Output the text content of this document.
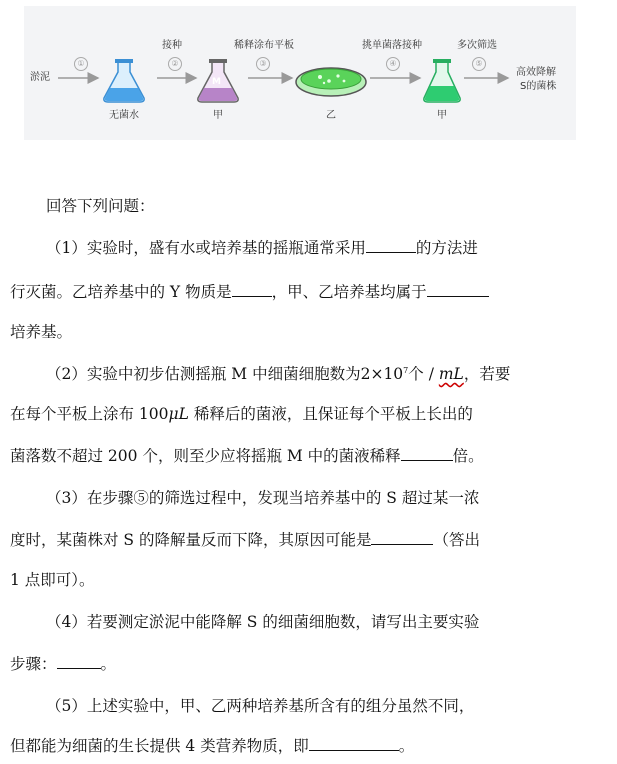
淤泥
①	②	③	④	⑤
接种	稀释涂布平板	挑单菌落接种	多次筛选
M
无菌水	甲	乙	甲
高效降解
S的菌株
回答下列问题：
（1）实验时，盛有水或培养基的摇瓶通常采用	的方法进
行灭菌。乙培养基中的 Y 物质是	，甲、乙培养基均属于
培养基。
（2）实验中初步估测摇瓶 M 中细菌细胞数为$2\times 10^7$个 / mL，若要
在每个平板上涂布 100μL 稀释后的菌液，且保证每个平板上长出的
菌落数不超过 200 个，则至少应将摇瓶 M 中的菌液稀释	倍。
（3）在步骤⑤的筛选过程中，发现当培养基中的 S 超过某一浓
度时，某菌株对 S 的降解量反而下降，其原因可能是	（答出
1 点即可）。
（4）若要测定淤泥中能降解 S 的细菌细胞数，请写出主要实验
步骤：	。
（5）上述实验中，甲、乙两种培养基所含有的组分虽然不同，
但都能为细菌的生长提供 4 类营养物质，即	。
